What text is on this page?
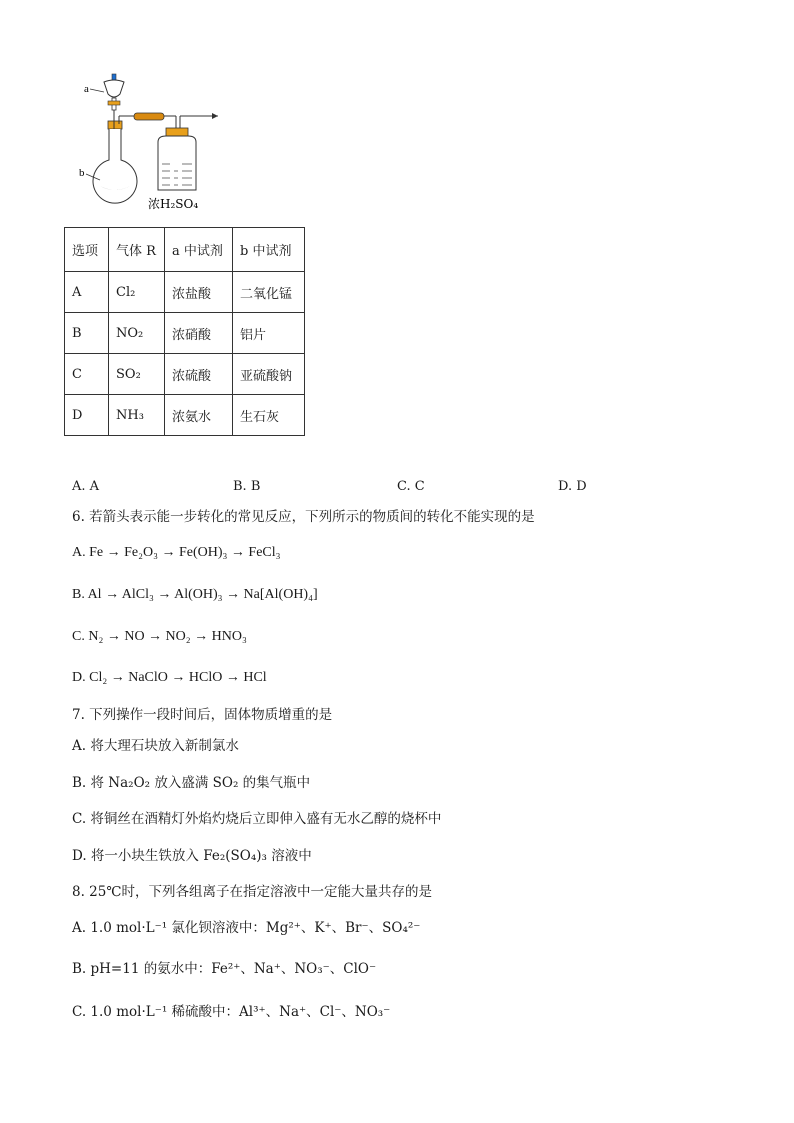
a
b
浓H₂SO₄
选项	气体 R	a 中试剂	b 中试剂
A	Cl₂	浓盐酸	二氧化锰
B	NO₂	浓硝酸	铝片
C	SO₂	浓硫酸	亚硫酸钠
D	NH₃	浓氨水	生石灰
A. A	B. B	C. C	D. D
6. 若箭头表示能一步转化的常见反应，下列所示的物质间的转化不能实现的是
A. Fe → Fe₂O₃ → Fe(OH)₃ → FeCl₃
B. Al → AlCl₃ → Al(OH)₃ → Na[Al(OH)₄]
C. N₂ → NO → NO₂ → HNO₃
D. Cl₂ → NaClO → HClO → HCl
7. 下列操作一段时间后，固体物质增重的是
A. 将大理石块放入新制氯水
B. 将 Na₂O₂ 放入盛满 SO₂ 的集气瓶中
C. 将铜丝在酒精灯外焰灼烧后立即伸入盛有无水乙醇的烧杯中
D. 将一小块生铁放入 Fe₂(SO₄)₃ 溶液中
8. 25℃时，下列各组离子在指定溶液中一定能大量共存的是
A. 1.0 mol·L⁻¹ 氯化钡溶液中：Mg²⁺、K⁺、Br⁻、SO₄²⁻
B. pH=11 的氨水中：Fe²⁺、Na⁺、NO₃⁻、ClO⁻
C. 1.0 mol·L⁻¹ 稀硫酸中：Al³⁺、Na⁺、Cl⁻、NO₃⁻
